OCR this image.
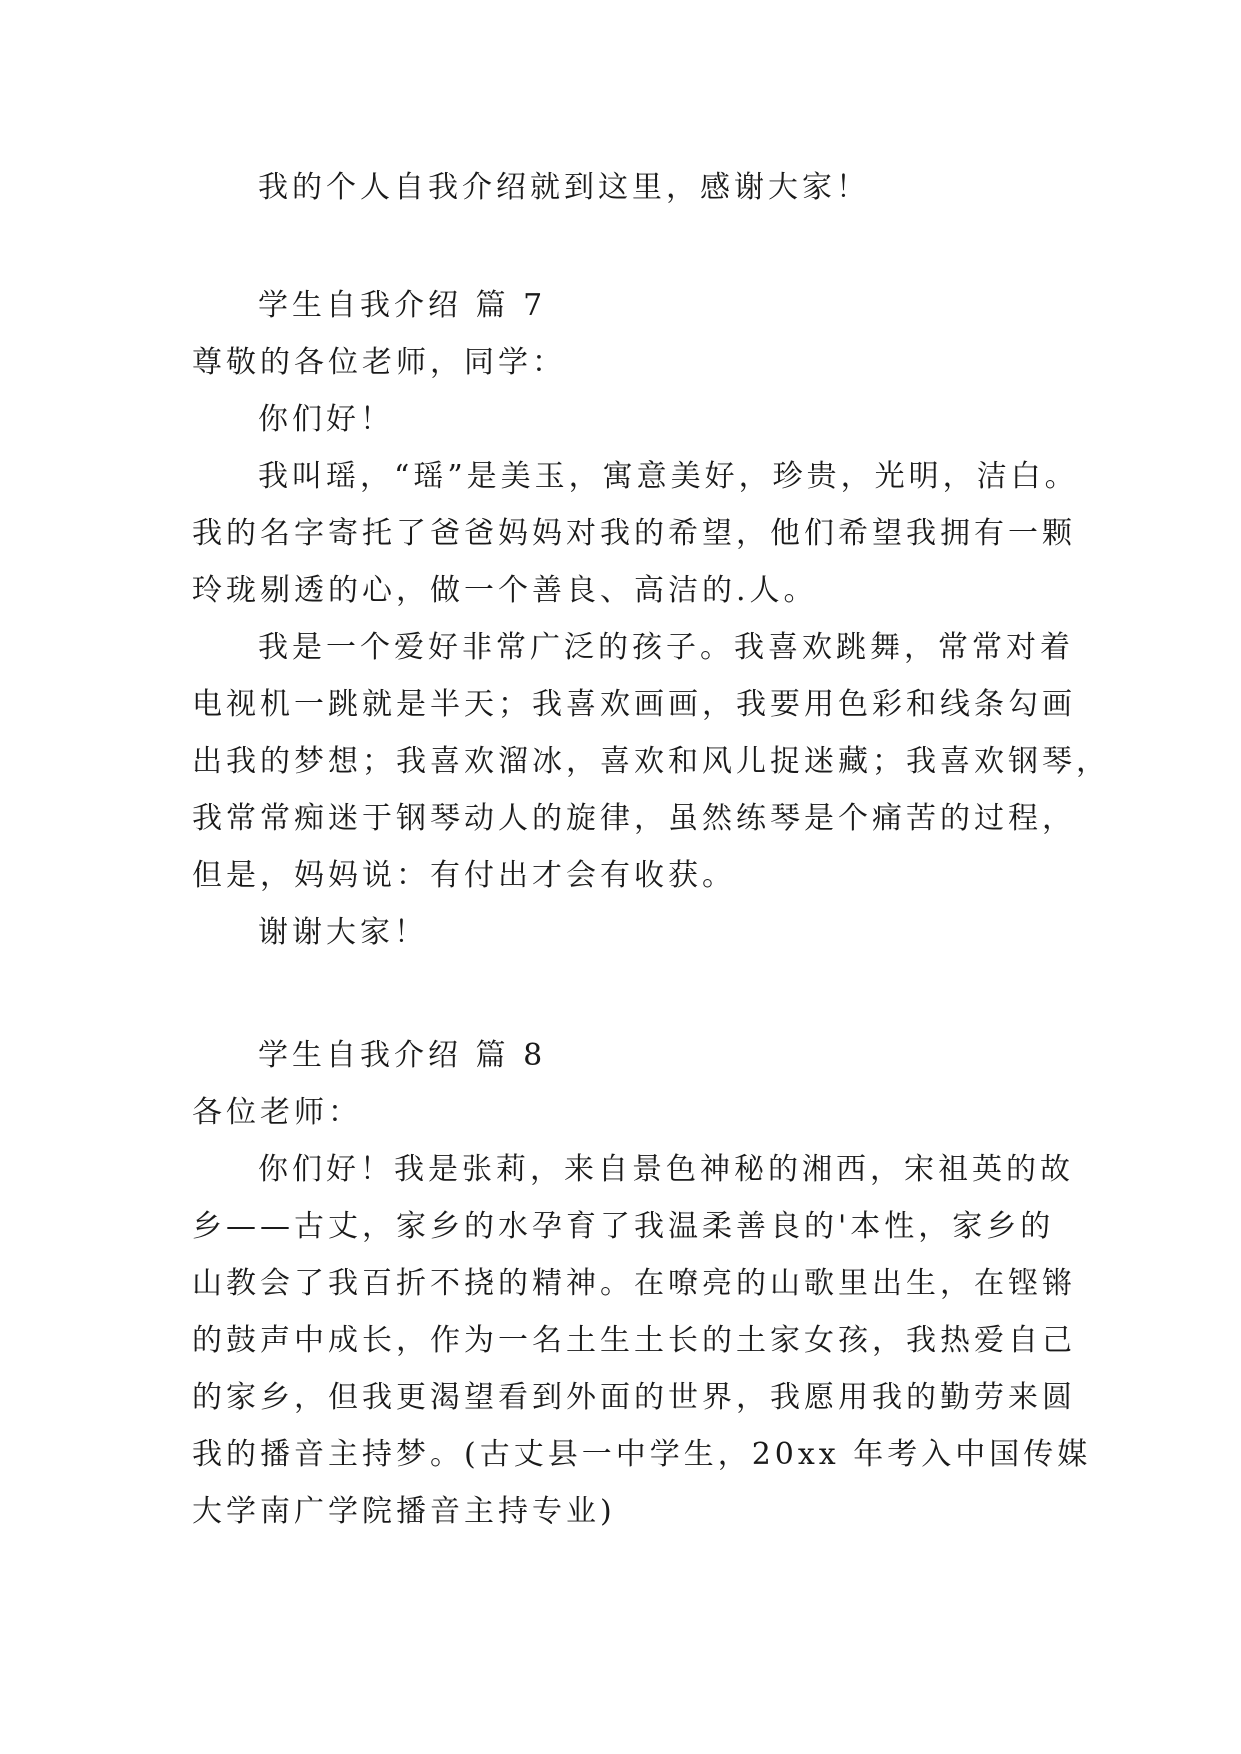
我的个人自我介绍就到这里，感谢大家！
学生自我介绍 篇 7
尊敬的各位老师，同学：
你们好！
我叫瑶，“瑶”是美玉，寓意美好，珍贵，光明，洁白。
我的名字寄托了爸爸妈妈对我的希望，他们希望我拥有一颗
玲珑剔透的心，做一个善良、高洁的.人。
我是一个爱好非常广泛的孩子。我喜欢跳舞，常常对着
电视机一跳就是半天；我喜欢画画，我要用色彩和线条勾画
出我的梦想；我喜欢溜冰，喜欢和风儿捉迷藏；我喜欢钢琴，
我常常痴迷于钢琴动人的旋律，虽然练琴是个痛苦的过程，
但是，妈妈说：有付出才会有收获。
谢谢大家！
学生自我介绍 篇 8
各位老师：
你们好！我是张莉，来自景色神秘的湘西，宋祖英的故
乡——古丈，家乡的水孕育了我温柔善良的'本性，家乡的
山教会了我百折不挠的精神。在嘹亮的山歌里出生，在铿锵
的鼓声中成长，作为一名土生土长的土家女孩，我热爱自己
的家乡，但我更渴望看到外面的世界，我愿用我的勤劳来圆
我的播音主持梦。(古丈县一中学生，20xx 年考入中国传媒
大学南广学院播音主持专业)
